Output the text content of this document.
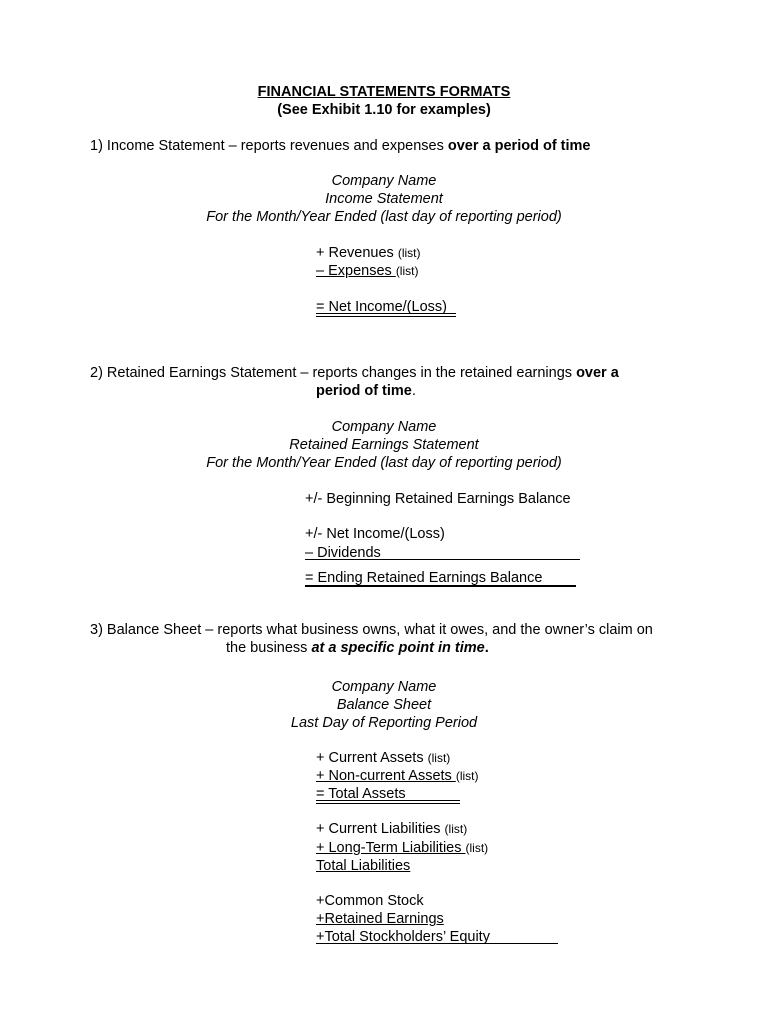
FINANCIAL STATEMENTS FORMATS
(See Exhibit 1.10 for examples)
1) Income Statement – reports revenues and expenses over a period of time
Company Name
Income Statement
For the Month/Year Ended (last day of reporting period)
+ Revenues (list)
– Expenses (list)
= Net Income/(Loss)
2) Retained Earnings Statement – reports changes in the retained earnings over a
period of time.
Company Name
Retained Earnings Statement
For the Month/Year Ended (last day of reporting period)
+/- Beginning Retained Earnings Balance
+/- Net Income/(Loss)
– Dividends
= Ending Retained Earnings Balance
3) Balance Sheet – reports what business owns, what it owes, and the owner’s claim on
the business at a specific point in time.
Company Name
Balance Sheet
Last Day of Reporting Period
+ Current Assets (list)
+ Non-current Assets (list)
= Total Assets
+ Current Liabilities (list)
+ Long-Term Liabilities (list)
Total Liabilities
+Common Stock
+Retained Earnings
+Total Stockholders’ Equity
